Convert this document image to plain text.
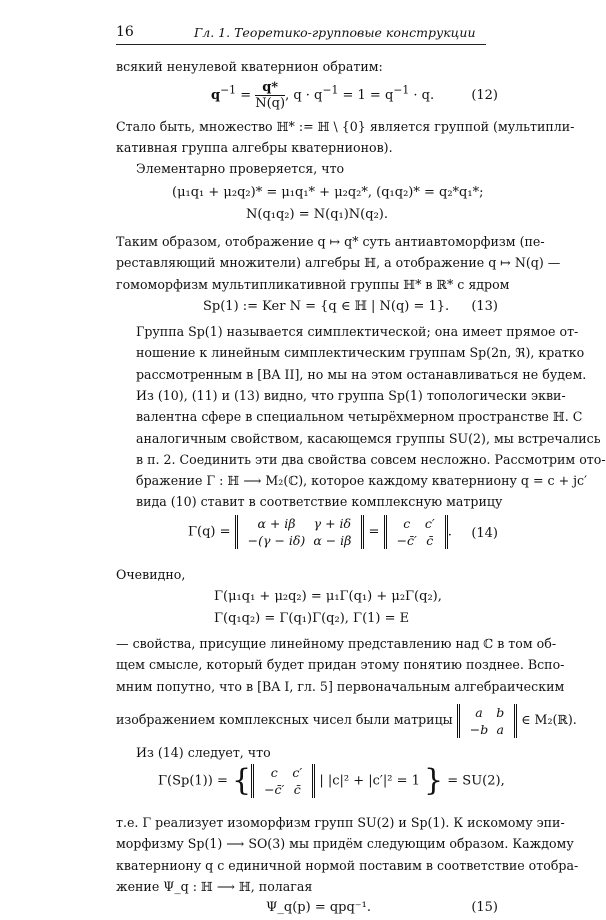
16	Гл. 1. Теоретико-групповые конструкции
всякий ненулевой кватернион обратим:
$q^{-1} = \frac{q*}{N(q)}$ , $q \cdot q^{-1} = 1 = q^{-1} \cdot q$.	(12)
Стало быть, множество ℍ* := ℍ \ {0} является группой (мультипли-
кативная группа алгебры кватернионов).
Элементарно проверяется, что
(μ₁q₁ + μ₂q₂)* = μ₁q₁* + μ₂q₂*, (q₁q₂)* = q₂*q₁*;
N(q₁q₂) = N(q₁)N(q₂).
Таким образом, отображение q ↦ q* суть антиавтоморфизм (пе-
реставляющий множители) алгебры ℍ, а отображение q ↦ N(q) —
гомоморфизм мультипликативной группы ℍ* в ℝ* с ядром
Sp(1) := Ker N = {q ∈ ℍ | N(q) = 1}. (13)
Группа Sp(1) называется симплектической; она имеет прямое от-
ношение к линейным симплектическим группам Sp(2n, ℜ), кратко
рассмотренным в [BA II], но мы на этом останавливаться не будем.
Из (10), (11) и (13) видно, что группа Sp(1) топологически экви-
валентна сфере в специальном четырёхмерном пространстве ℍ. С
аналогичным свойством, касающемся группы SU(2), мы встречались
в п. 2. Соединить эти два свойства совсем несложно. Рассмотрим ото-
бражение Γ : ℍ ⟶ M₂(ℂ), которое каждому кватерниону q = c + jc′
вида (10) ставит в соответствие комплексную матрицу
Γ(q) =
α + iβ	γ + iδ
−(γ − iδ)	α − iβ
=
c	c′
−c̄′	c̄
. (14)
Очевидно,
Γ(μ₁q₁ + μ₂q₂) = μ₁Γ(q₁) + μ₂Γ(q₂),
Γ(q₁q₂) = Γ(q₁)Γ(q₂), Γ(1) = E
— свойства, присущие линейному представлению над ℂ в том об-
щем смысле, который будет придан этому понятию позднее. Вспо-
мним попутно, что в [BA I, гл. 5] первоначальным алгебраическим
изображением комплексных чисел были матрицы a	b
−b	a
∈ M₂(ℝ).
Из (14) следует, что
Γ(Sp(1)) = { c	c′
−c̄′	c̄
| |c|² + |c′|² = 1 } = SU(2),
т.е. Γ реализует изоморфизм групп SU(2) и Sp(1). К искомому эпи-
морфизму Sp(1) ⟶ SO(3) мы придём следующим образом. Каждому
кватерниону q с единичной нормой поставим в соответствие отобра-
жение Ψ_q : ℍ ⟶ ℍ, полагая
Ψ_q(p) = qpq⁻¹.	(15)
